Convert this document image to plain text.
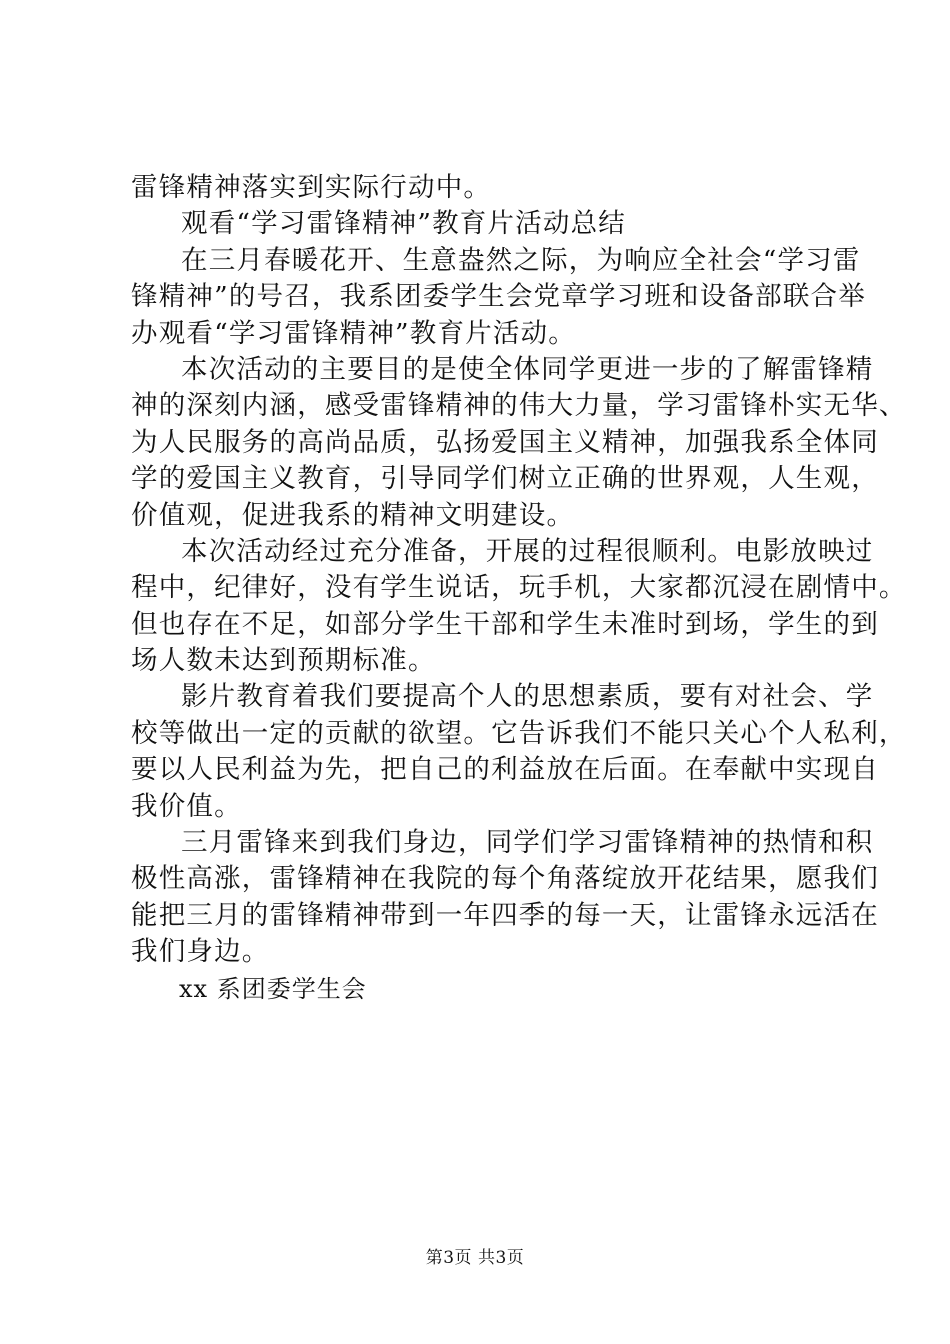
雷锋精神落实到实际行动中。
观看“学习雷锋精神”教育片活动总结
在三月春暖花开、生意盎然之际，为响应全社会“学习雷
锋精神”的号召，我系团委学生会党章学习班和设备部联合举
办观看“学习雷锋精神”教育片活动。
本次活动的主要目的是使全体同学更进一步的了解雷锋精
神的深刻内涵，感受雷锋精神的伟大力量，学习雷锋朴实无华、
为人民服务的高尚品质，弘扬爱国主义精神，加强我系全体同
学的爱国主义教育，引导同学们树立正确的世界观，人生观，
价值观，促进我系的精神文明建设。
本次活动经过充分准备，开展的过程很顺利。电影放映过
程中，纪律好，没有学生说话，玩手机，大家都沉浸在剧情中。
但也存在不足，如部分学生干部和学生未准时到场，学生的到
场人数未达到预期标准。
影片教育着我们要提高个人的思想素质，要有对社会、学
校等做出一定的贡献的欲望。它告诉我们不能只关心个人私利，
要以人民利益为先，把自己的利益放在后面。在奉献中实现自
我价值。
三月雷锋来到我们身边，同学们学习雷锋精神的热情和积
极性高涨，雷锋精神在我院的每个角落绽放开花结果，愿我们
能把三月的雷锋精神带到一年四季的每一天，让雷锋永远活在
我们身边。
xx 系团委学生会
第3页 共3页
